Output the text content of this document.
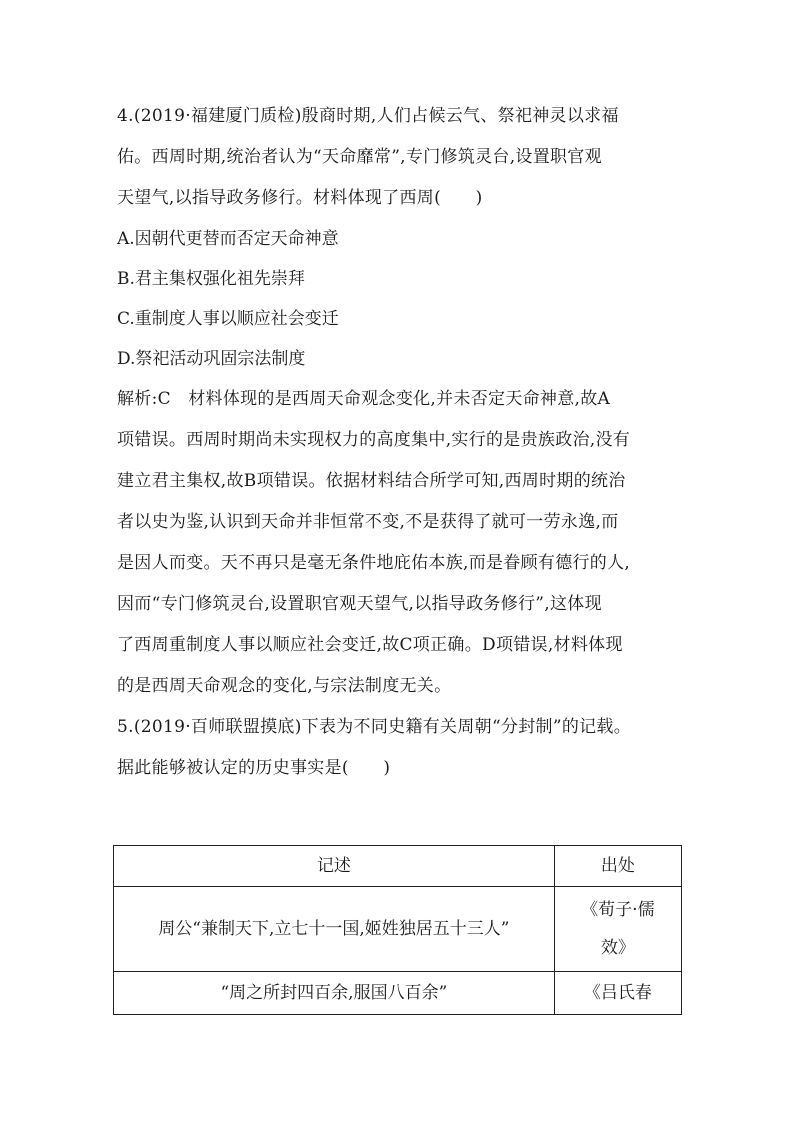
4.(2019·福建厦门质检)殷商时期,人们占候云气、祭祀神灵以求福
佑。西周时期,统治者认为“天命靡常”,专门修筑灵台,设置职官观
天望气,以指导政务修行。材料体现了西周(　　)
A.因朝代更替而否定天命神意
B.君主集权强化祖先崇拜
C.重制度人事以顺应社会变迁
D.祭祀活动巩固宗法制度
解析:C　材料体现的是西周天命观念变化,并未否定天命神意,故A
项错误。西周时期尚未实现权力的高度集中,实行的是贵族政治,没有
建立君主集权,故B项错误。依据材料结合所学可知,西周时期的统治
者以史为鉴,认识到天命并非恒常不变,不是获得了就可一劳永逸,而
是因人而变。天不再只是毫无条件地庇佑本族,而是眷顾有德行的人,
因而“专门修筑灵台,设置职官观天望气,以指导政务修行”,这体现
了西周重制度人事以顺应社会变迁,故C项正确。D项错误,材料体现
的是西周天命观念的变化,与宗法制度无关。
5.(2019·百师联盟摸底)下表为不同史籍有关周朝“分封制”的记载。
据此能够被认定的历史事实是(　　)
记述	出处
周公“兼制天下,立七十一国,姬姓独居五十三人”	《荀子·儒
效》

“周之所封四百余,服国八百余”	《吕氏春
